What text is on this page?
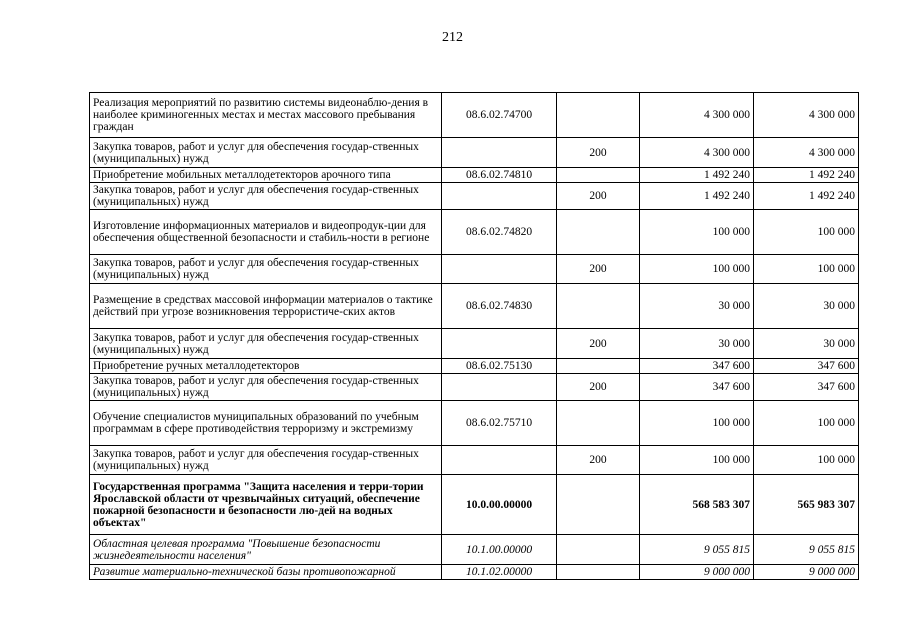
212
Реализация мероприятий по развитию системы видеонаблю-дения в наиболее криминогенных местах и местах массового пребывания граждан	08.6.02.74700		4 300 000	4 300 000
Закупка товаров, работ и услуг для обеспечения государ-ственных (муниципальных) нужд		200	4 300 000	4 300 000
Приобретение мобильных металлодетекторов арочного типа	08.6.02.74810		1 492 240	1 492 240
Закупка товаров, работ и услуг для обеспечения государ-ственных (муниципальных) нужд		200	1 492 240	1 492 240
Изготовление информационных материалов и видеопродук-ции для обеспечения общественной безопасности и стабиль-ности в регионе	08.6.02.74820		100 000	100 000
Закупка товаров, работ и услуг для обеспечения государ-ственных (муниципальных) нужд		200	100 000	100 000
Размещение в средствах массовой информации материалов о тактике действий при угрозе возникновения террористиче-ских актов	08.6.02.74830		30 000	30 000
Закупка товаров, работ и услуг для обеспечения государ-ственных (муниципальных) нужд		200	30 000	30 000
Приобретение ручных металлодетекторов	08.6.02.75130		347 600	347 600
Закупка товаров, работ и услуг для обеспечения государ-ственных (муниципальных) нужд		200	347 600	347 600
Обучение специалистов муниципальных образований по учебным программам в сфере противодействия терроризму и экстремизму	08.6.02.75710		100 000	100 000
Закупка товаров, работ и услуг для обеспечения государ-ственных (муниципальных) нужд		200	100 000	100 000
Государственная программа "Защита населения и терри-тории Ярославской области от чрезвычайных ситуаций, обеспечение пожарной безопасности и безопасности лю-дей на водных объектах"	10.0.00.00000		568 583 307	565 983 307
Областная целевая программа "Повышение безопасности жизнедеятельности населения"	10.1.00.00000		9 055 815	9 055 815
Развитие материально-технической базы противопожарной	10.1.02.00000		9 000 000	9 000 000
